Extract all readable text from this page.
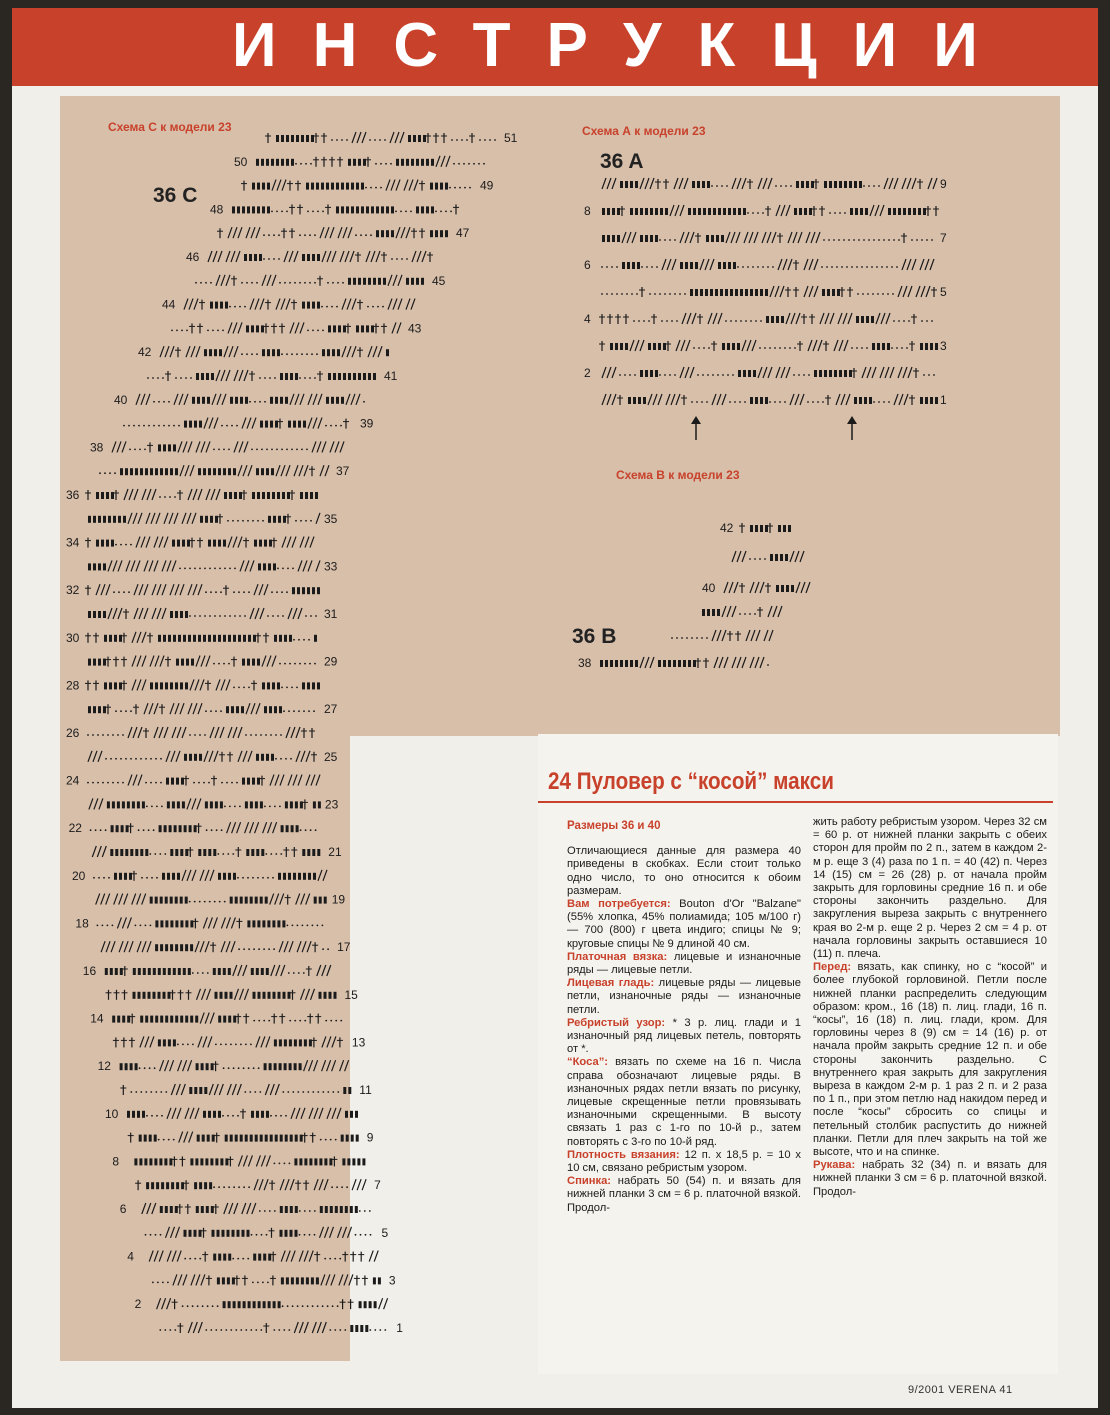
ИНСТРУКЦИИ
1
2
3
4
5
6
7
8
9
10
11
12
13
14
15
16
17
18
19
20
21
22
23
24
25
26
27
28
29
30
31
32
33
34
35
36
37
38
39
40
41
42
43
44
45
46
47
48
49
50
51
1
2
3
4
5
6
7
8
9
38
40
42
Схема С к модели 23
36 C
Схема А к модели 23
36 A
Схема В к модели 23
36 B
24 Пуловер с “косой” макси
Размеры 36 и 40

Отличающиеся данные для размера 40 приведены в скобках. Если стоит только одно число, то оно относится к обоим размерам.

Вам потребуется: Bouton d'Or "Balzane" (55% хлопка, 45% полиамида; 105 м/100 г) — 700 (800) г цвета индиго; спицы № 9; круговые спицы № 9 длиной 40 см.

Платочная вязка: лицевые и изнаночные ряды — лицевые петли.

Лицевая гладь: лицевые ряды — лицевые петли, изнаночные ряды — изнаночные петли.

Ребристый узор: * 3 р. лиц. глади и 1 изнаночный ряд лицевых петель, повторять от *.

“Коса”: вязать по схеме на 16 п. Числа справа обозначают лицевые ряды. В изнаночных рядах петли вязать по рисунку, лицевые скрещенные петли провязывать изнаночными скрещенными. В высоту связать 1 раз с 1-го по 10-й р., затем повторять с 3-го по 10-й ряд.

Плотность вязания: 12 п. х 18,5 р. = 10 х 10 см, связано ребристым узором.

Спинка: набрать 50 (54) п. и вязать для нижней планки 3 см = 6 р. платочной вязкой. Продол-

жить работу ребристым узором. Через 32 см = 60 р. от нижней планки закрыть с обеих сторон для пройм по 2 п., затем в каждом 2-м р. еще 3 (4) раза по 1 п. = 40 (42) п. Через 14 (15) см = 26 (28) р. от начала пройм закрыть для горловины средние 16 п. и обе стороны закончить раздельно. Для закругления выреза закрыть с внутреннего края во 2-м р. еще 2 р. Через 2 см = 4 р. от начала горловины закрыть оставшиеся 10 (11) п. плеча.

Перед: вязать, как спинку, но с “косой” и более глубокой горловиной. Петли после нижней планки распределить следующим образом: кром., 16 (18) п. лиц. глади, 16 п. “косы”, 16 (18) п. лиц. глади, кром. Для горловины через 8 (9) см = 14 (16) р. от начала пройм закрыть средние 12 п. и обе стороны закончить раздельно. С внутреннего края закрыть для закругления выреза в каждом 2-м р. 1 раз 2 п. и 2 раза по 1 п., при этом петлю над накидом перед и после “косы” сбросить со спицы и петельный столбик распустить до нижней планки. Петли для плеч закрыть на той же высоте, что и на спинке.

Рукава: набрать 32 (34) п. и вязать для нижней планки 3 см = 6 р. платочной вязкой. Продол-

9/2001 VERENA 41
